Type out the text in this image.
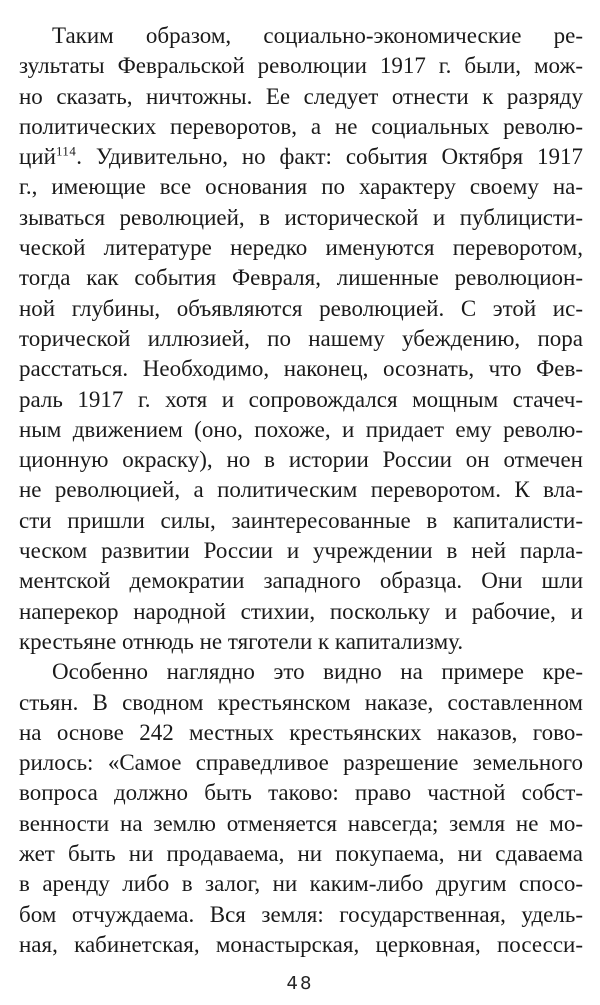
Таким образом, социально-экономические ре-
зультаты Февральской революции 1917 г. были, мож-
но сказать, ничтожны. Ее следует отнести к разряду
политических переворотов, а не социальных револю-
ций$^{114}$. Удивительно, но факт: события Октября 1917
г., имеющие все основания по характеру своему на-
зываться революцией, в исторической и публицисти-
ческой литературе нередко именуются переворотом,
тогда как события Февраля, лишенные революцион-
ной глубины, объявляются революцией. С этой ис-
торической иллюзией, по нашему убеждению, пора
расстаться. Необходимо, наконец, осознать, что Фев-
раль 1917 г. хотя и сопровождался мощным стачеч-
ным движением (оно, похоже, и придает ему револю-
ционную окраску), но в истории России он отмечен
не революцией, а политическим переворотом. К вла-
сти пришли силы, заинтересованные в капиталисти-
ческом развитии России и учреждении в ней парла-
ментской демократии западного образца. Они шли
наперекор народной стихии, поскольку и рабочие, и
крестьяне отнюдь не тяготели к капитализму.
Особенно наглядно это видно на примере кре-
стьян. В сводном крестьянском наказе, составленном
на основе 242 местных крестьянских наказов, гово-
рилось: «Самое справедливое разрешение земельного
вопроса должно быть таково: право частной собст-
венности на землю отменяется навсегда; земля не мо-
жет быть ни продаваема, ни покупаема, ни сдаваема
в аренду либо в залог, ни каким-либо другим спосо-
бом отчуждаема. Вся земля: государственная, удель-
ная, кабинетская, монастырская, церковная, посесси-
48
